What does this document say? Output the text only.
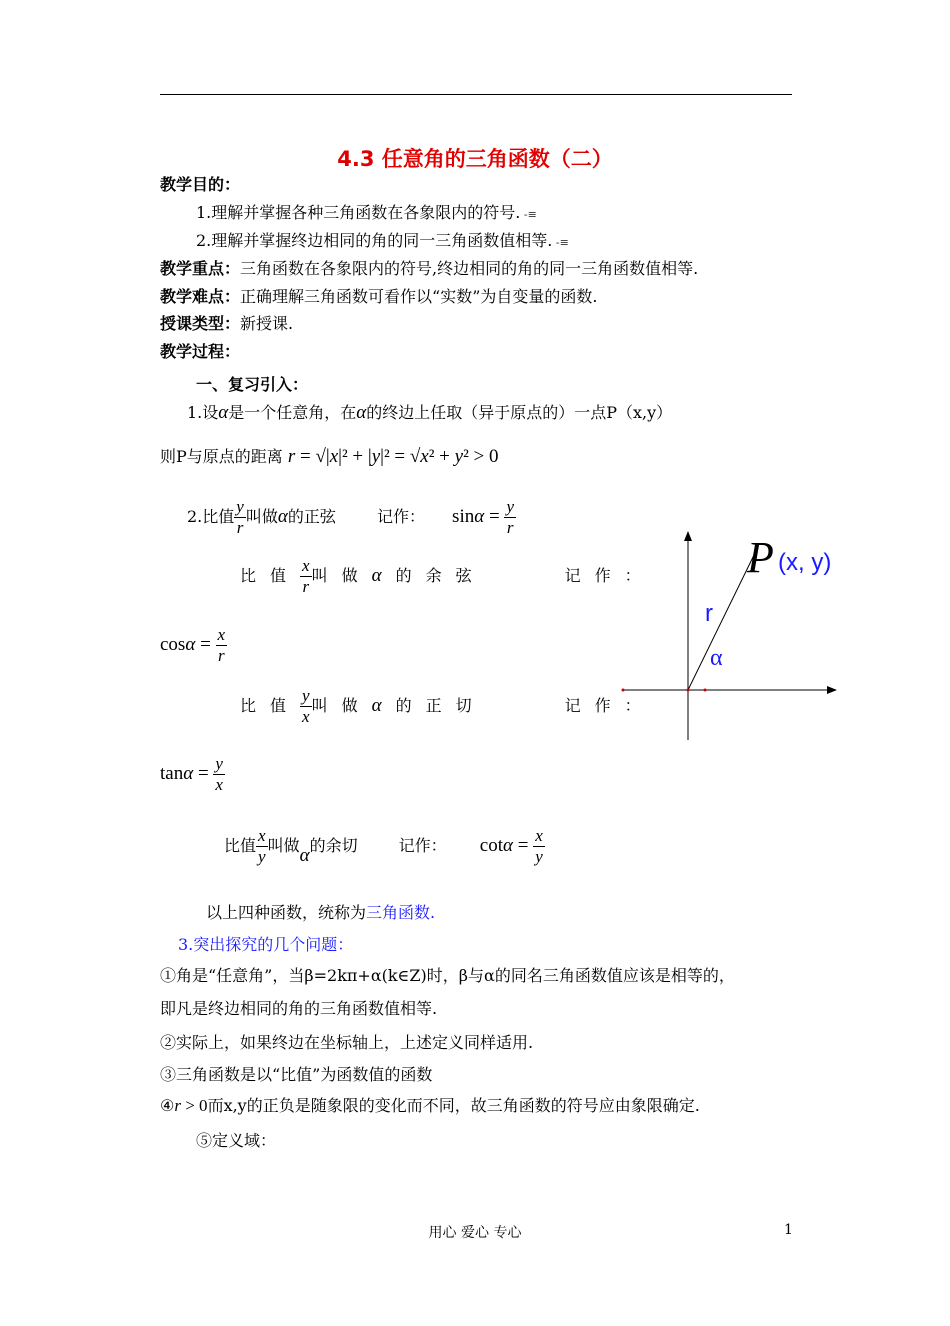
4.3 任意角的三角函数（二）
教学目的：
1.理解并掌握各种三角函数在各象限内的符号. -≡
2.理解并掌握终边相同的角的同一三角函数值相等. -≡
教学重点：三角函数在各象限内的符号,终边相同的角的同一三角函数值相等.
教学难点：正确理解三角函数可看作以“实数”为自变量的函数.
授课类型：新授课.
教学过程：
一、复习引入：
1.设α是一个任意角，在α的终边上任取（异于原点的）一点P（x,y）
则P与原点的距离 r = √|x|² + |y|² = √x² + y² > 0
2.比值 $\frac{y}{r}$ 叫做α的正弦	记作： $\sin\alpha = \frac{y}{r}$
比值 $\frac{x}{r}$ 叫做α的余弦	记作：
$\cos\alpha = \frac{x}{r}$
比值 $\frac{y}{x}$ 叫做α的正切	记作：
$\tan\alpha = \frac{y}{x}$
比值 $\frac{x}{y}$ 叫做α的余切	记作： $\cot\alpha = \frac{x}{y}$
以上四种函数，统称为三角函数.
3.突出探究的几个问题：
①角是“任意角”，当β=2kπ+α(k∈Z)时，β与α的同名三角函数值应该是相等的，
即凡是终边相同的角的三角函数值相等.
②实际上，如果终边在坐标轴上，上述定义同样适用.
③三角函数是以“比值”为函数值的函数
④r > 0而x,y的正负是随象限的变化而不同，故三角函数的符号应由象限确定.
⑤定义域：
P (x, y)
r
α
用心 爱心 专心	1
